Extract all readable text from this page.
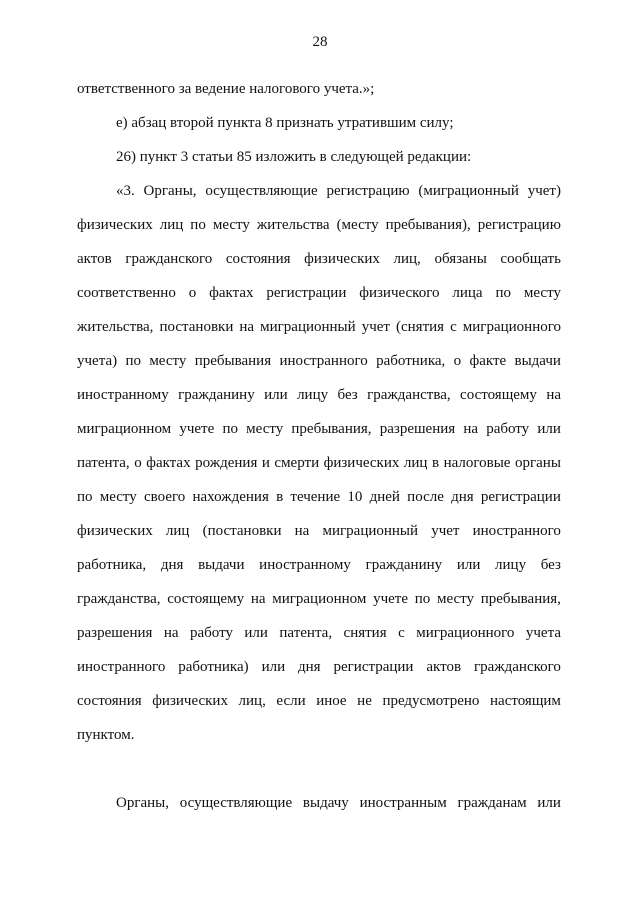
28
ответственного за ведение налогового учета.»;
е) абзац второй пункта 8 признать утратившим силу;
26) пункт 3 статьи 85 изложить в следующей редакции:
«3. Органы, осуществляющие регистрацию (миграционный учет)
физических лиц по месту жительства (месту пребывания), регистрацию
актов гражданского состояния физических лиц, обязаны сообщать
соответственно о фактах регистрации физического лица по месту
жительства, постановки на миграционный учет (снятия с миграционного
учета) по месту пребывания иностранного работника, о факте выдачи
иностранному гражданину или лицу без гражданства, состоящему на
миграционном учете по месту пребывания, разрешения на работу или
патента, о фактах рождения и смерти физических лиц в налоговые органы
по месту своего нахождения в течение 10 дней после дня регистрации
физических лиц (постановки на миграционный учет иностранного
работника, дня выдачи иностранному гражданину или лицу без
гражданства, состоящему на миграционном учете по месту пребывания,
разрешения на работу или патента, снятия с миграционного учета
иностранного работника) или дня регистрации актов гражданского
состояния физических лиц, если иное не предусмотрено настоящим
пунктом.
Органы, осуществляющие выдачу иностранным гражданам или
